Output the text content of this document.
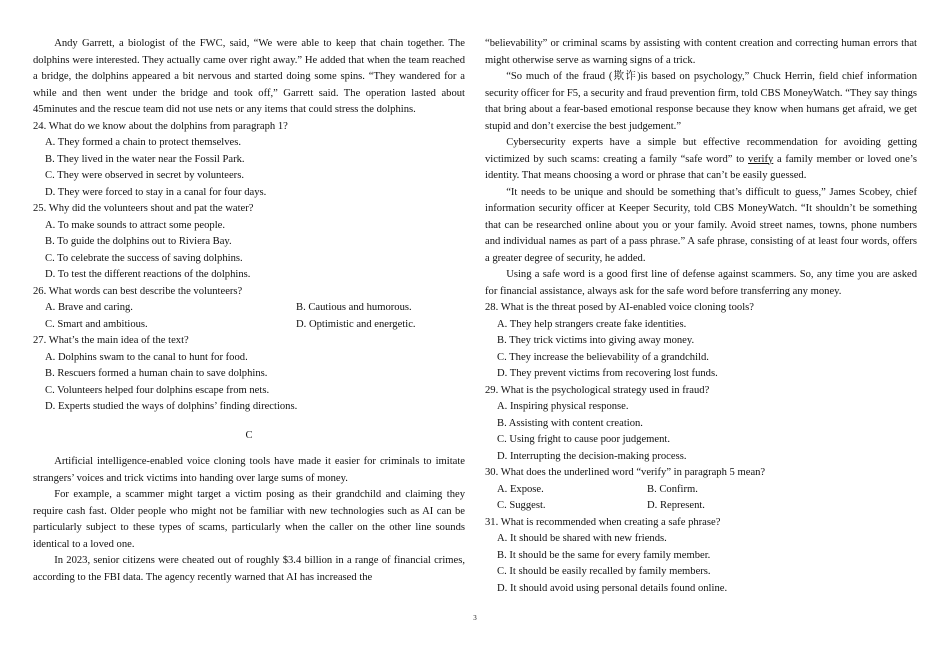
Andy Garrett, a biologist of the FWC, said, “We were able to keep that chain together. The dolphins were interested. They actually came over right away.” He added that when the team reached a bridge, the dolphins appeared a bit nervous and started doing some spins. “They wandered for a while and then went under the bridge and took off,” Garrett said. The operation lasted about 45minutes and the rescue team did not use nets or any items that could stress the dolphins.

24. What do we know about the dolphins from paragraph 1?
A. They formed a chain to protect themselves.
B. They lived in the water near the Fossil Park.
C. They were observed in secret by volunteers.
D. They were forced to stay in a canal for four days.
25. Why did the volunteers shout and pat the water?
A. To make sounds to attract some people.
B. To guide the dolphins out to Riviera Bay.
C. To celebrate the success of saving dolphins.
D. To test the different reactions of the dolphins.
26. What words can best describe the volunteers?
A. Brave and caring.	B. Cautious and humorous.
C. Smart and ambitious.	D. Optimistic and energetic.
27. What’s the main idea of the text?
A. Dolphins swam to the canal to hunt for food.
B. Rescuers formed a human chain to save dolphins.
C. Volunteers helped four dolphins escape from nets.
D. Experts studied the ways of dolphins’ finding directions.
C

Artificial intelligence-enabled voice cloning tools have made it easier for criminals to imitate strangers’ voices and trick victims into handing over large sums of money.

For example, a scammer might target a victim posing as their grandchild and claiming they require cash fast. Older people who might not be familiar with new technologies such as AI can be particularly subject to these types of scams, particularly when the caller on the other line sounds identical to a loved one.

In 2023, senior citizens were cheated out of roughly $3.4 billion in a range of financial crimes, according to the FBI data. The agency recently warned that AI has increased the

“believability” or criminal scams by assisting with content creation and correcting human errors that might otherwise serve as warning signs of a trick.

“So much of the fraud (欺诈)is based on psychology,” Chuck Herrin, field chief information security officer for F5, a security and fraud prevention firm, told CBS MoneyWatch. “They say things that bring about a fear-based emotional response because they know when humans get afraid, we get stupid and don’t exercise the best judgement.”

Cybersecurity experts have a simple but effective recommendation for avoiding getting victimized by such scams: creating a family “safe word” to verify a family member or loved one’s identity. That means choosing a word or phrase that can’t be easily guessed.

“It needs to be unique and should be something that’s difficult to guess,” James Scobey, chief information security officer at Keeper Security, told CBS MoneyWatch. “It shouldn’t be something that can be researched online about you or your family. Avoid street names, towns, phone numbers and individual names as part of a pass phrase.” A safe phrase, consisting of at least four words, offers a greater degree of security, he added.

Using a safe word is a good first line of defense against scammers. So, any time you are asked for financial assistance, always ask for the safe word before transferring any money.

28. What is the threat posed by AI-enabled voice cloning tools?
A. They help strangers create fake identities.
B. They trick victims into giving away money.
C. They increase the believability of a grandchild.
D. They prevent victims from recovering lost funds.
29. What is the psychological strategy used in fraud?
A. Inspiring physical response.
B. Assisting with content creation.
C. Using fright to cause poor judgement.
D. Interrupting the decision-making process.
30. What does the underlined word “verify” in paragraph 5 mean?
A. Expose.	B. Confirm.
C. Suggest.	D. Represent.
31. What is recommended when creating a safe phrase?
A. It should be shared with new friends.
B. It should be the same for every family member.
C. It should be easily recalled by family members.
D. It should avoid using personal details found online.
3
